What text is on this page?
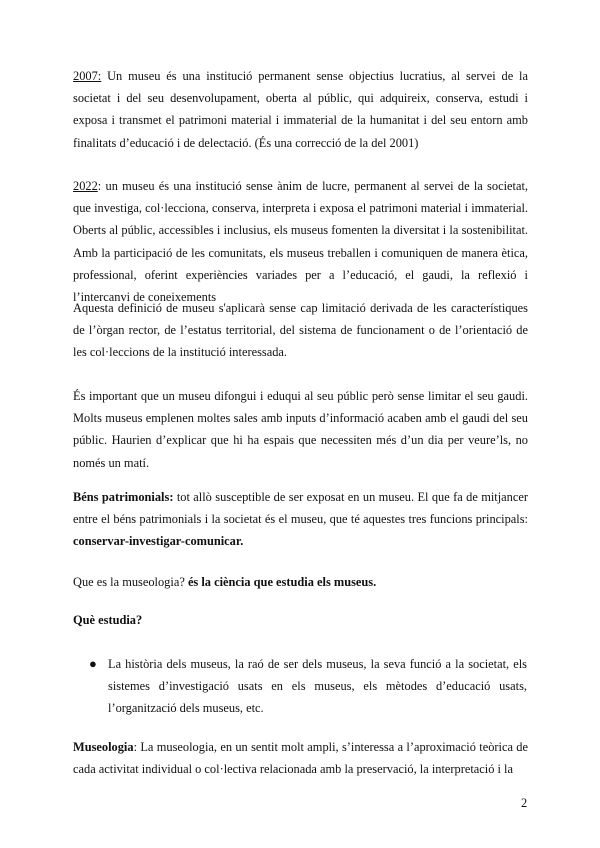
2007: Un museu és una institució permanent sense objectius lucratius, al servei de la societat i del seu desenvolupament, oberta al públic, qui adquireix, conserva, estudi i exposa i transmet el patrimoni material i immaterial de la humanitat i del seu entorn amb finalitats d’educació i de delectació. (És una correcció de la del 2001)

2022: un museu és una institució sense ànim de lucre, permanent al servei de la societat, que investiga, col·lecciona, conserva, interpreta i exposa el patrimoni material i immaterial. Oberts al públic, accessibles i inclusius, els museus fomenten la diversitat i la sostenibilitat. Amb la participació de les comunitats, els museus treballen i comuniquen de manera ètica, professional, oferint experiències variades per a l’educació, el gaudi, la reflexió i l’intercanvi de coneixements

Aquesta definició de museu s'aplicarà sense cap limitació derivada de les característiques de l’òrgan rector, de l’estatus territorial, del sistema de funcionament o de l’orientació de les col·leccions de la institució interessada.

És important que un museu difongui i eduqui al seu públic però sense limitar el seu gaudi. Molts museus emplenen moltes sales amb inputs d’informació acaben amb el gaudi del seu públic. Haurien d’explicar que hi ha espais que necessiten més d’un dia per veure’ls, no només un matí.

Béns patrimonials: tot allò susceptible de ser exposat en un museu. El que fa de mitjancer entre el béns patrimonials i la societat és el museu, que té aquestes tres funcions principals: conservar-investigar-comunicar.

Que es la museologia? és la ciència que estudia els museus.

Què estudia?

● La història dels museus, la raó de ser dels museus, la seva funció a la societat, els sistemes d’investigació usats en els museus, els mètodes d’educació usats, l’organització dels museus, etc.

Museologia: La museologia, en un sentit molt ampli, s’interessa a l’aproximació teòrica de cada activitat individual o col·lectiva relacionada amb la preservació, la interpretació i la

2
